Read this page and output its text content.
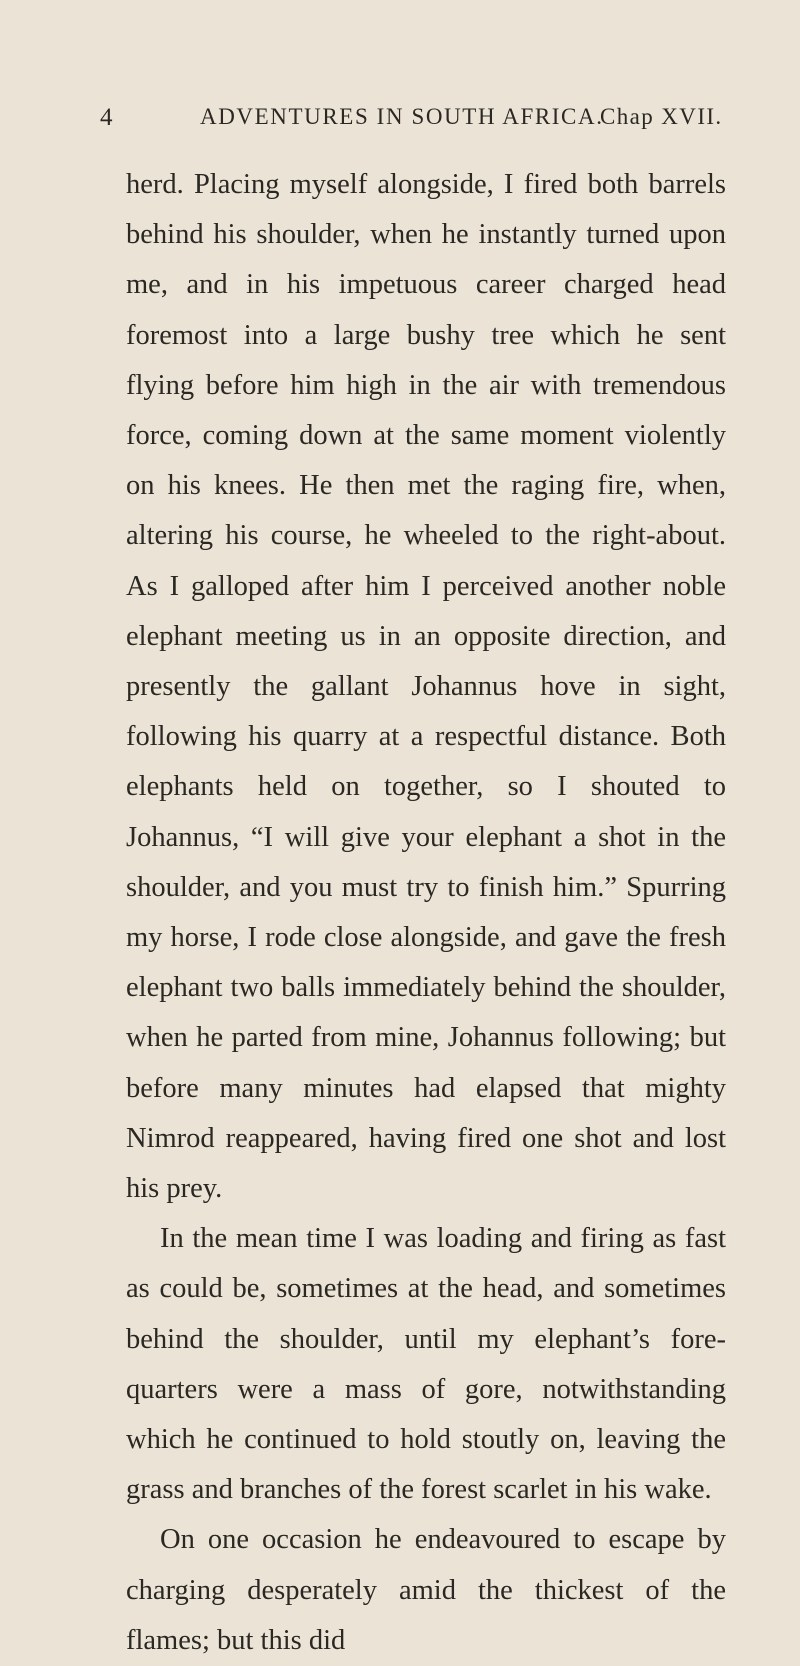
4	ADVENTURES IN SOUTH AFRICA.
Chap XVII.

herd. Placing myself alongside, I fired both barrels behind his shoulder, when he instantly turned upon me, and in his impetuous career charged head foremost into a large bushy tree which he sent flying before him high in the air with tremendous force, coming down at the same moment violently on his knees. He then met the raging fire, when, altering his course, he wheeled to the right-about. As I galloped after him I perceived another noble elephant meeting us in an opposite direction, and presently the gallant Johannus hove in sight, following his quarry at a respectful distance. Both elephants held on together, so I shouted to Johannus, “I will give your elephant a shot in the shoulder, and you must try to finish him.” Spurring my horse, I rode close alongside, and gave the fresh elephant two balls immediately behind the shoulder, when he parted from mine, Johannus following; but before many minutes had elapsed that mighty Nimrod reappeared, having fired one shot and lost his prey.

In the mean time I was loading and firing as fast as could be, sometimes at the head, and sometimes behind the shoulder, until my elephant’s fore-quarters were a mass of gore, notwithstanding which he continued to hold stoutly on, leaving the grass and branches of the forest scarlet in his wake.

On one occasion he endeavoured to escape by charging desperately amid the thickest of the flames; but this did
